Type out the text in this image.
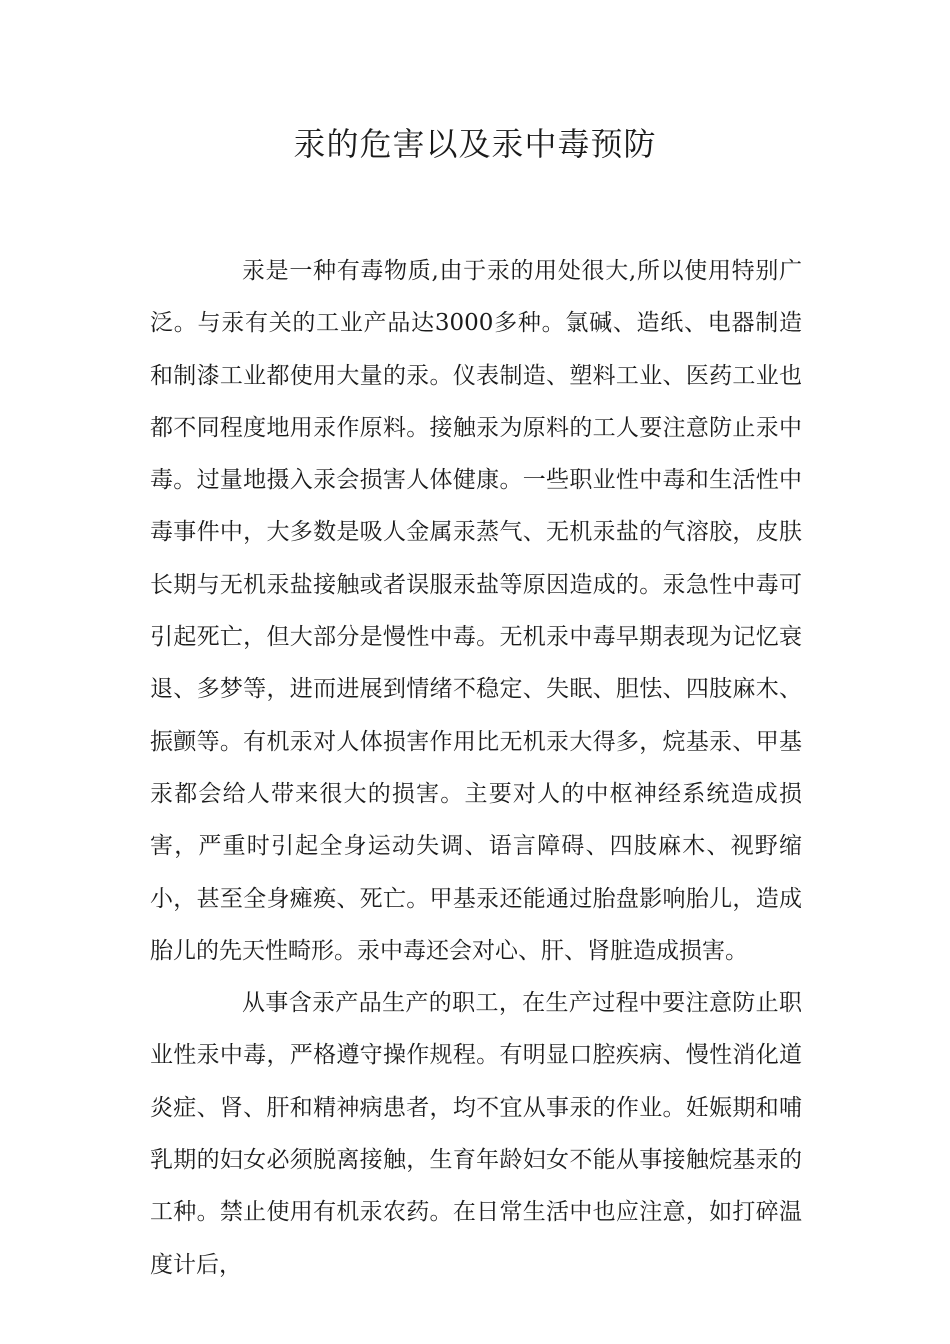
汞的危害以及汞中毒预防

汞是一种有毒物质,由于汞的用处很大,所以使用特别广泛。与汞有关的工业产品达3000多种。氯碱、造纸、电器制造和制漆工业都使用大量的汞。仪表制造、塑料工业、医药工业也都不同程度地用汞作原料。接触汞为原料的工人要注意防止汞中毒。过量地摄入汞会损害人体健康。一些职业性中毒和生活性中毒事件中，大多数是吸人金属汞蒸气、无机汞盐的气溶胶，皮肤长期与无机汞盐接触或者误服汞盐等原因造成的。汞急性中毒可引起死亡，但大部分是慢性中毒。无机汞中毒早期表现为记忆衰退、多梦等，进而进展到情绪不稳定、失眠、胆怯、四肢麻木、振颤等。有机汞对人体损害作用比无机汞大得多，烷基汞、甲基汞都会给人带来很大的损害。主要对人的中枢神经系统造成损害，严重时引起全身运动失调、语言障碍、四肢麻木、视野缩小，甚至全身瘫痪、死亡。甲基汞还能通过胎盘影响胎儿，造成胎儿的先天性畸形。汞中毒还会对心、肝、肾脏造成损害。

从事含汞产品生产的职工，在生产过程中要注意防止职业性汞中毒，严格遵守操作规程。有明显口腔疾病、慢性消化道炎症、肾、肝和精神病患者，均不宜从事汞的作业。妊娠期和哺乳期的妇女必须脱离接触，生育年龄妇女不能从事接触烷基汞的工种。禁止使用有机汞农药。在日常生活中也应注意，如打碎温度计后，
